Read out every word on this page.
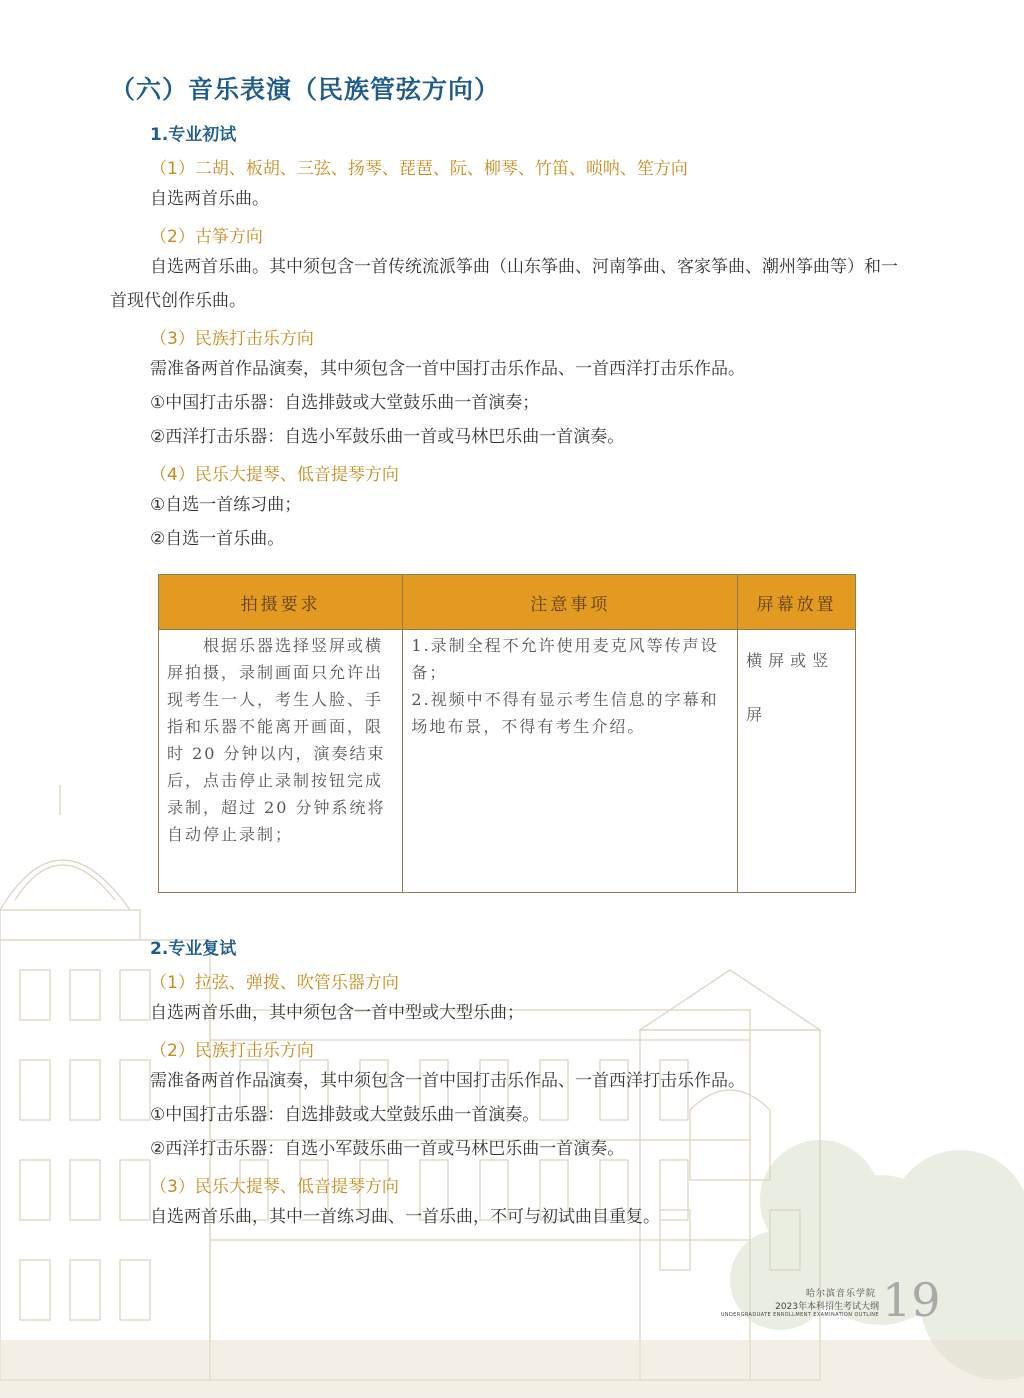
（六）音乐表演（民族管弦方向）
1.专业初试
（1）二胡、板胡、三弦、扬琴、琵琶、阮、柳琴、竹笛、唢呐、笙方向
自选两首乐曲。
（2）古筝方向
自选两首乐曲。其中须包含一首传统流派筝曲（山东筝曲、河南筝曲、客家筝曲、潮州筝曲等）和一首现代创作乐曲。
（3）民族打击乐方向
需准备两首作品演奏，其中须包含一首中国打击乐作品、一首西洋打击乐作品。
①中国打击乐器：自选排鼓或大堂鼓乐曲一首演奏；
②西洋打击乐器：自选小军鼓乐曲一首或马林巴乐曲一首演奏。
（4）民乐大提琴、低音提琴方向
①自选一首练习曲；
②自选一首乐曲。
拍摄要求	注意事项	屏幕放置

根据乐器选择竖屏或横屏拍摄，录制画面只允许出现考生一人，考生人脸、手指和乐器不能离开画面，限时 20 分钟以内，演奏结束后，点击停止录制按钮完成录制，超过 20 分钟系统将自动停止录制；	1.录制全程不允许使用麦克风等传声设备；
2.视频中不得有显示考生信息的字幕和场地布景，不得有考生介绍。	横屏或竖屏
2.专业复试
（1）拉弦、弹拨、吹管乐器方向
自选两首乐曲，其中须包含一首中型或大型乐曲；
（2）民族打击乐方向
需准备两首作品演奏，其中须包含一首中国打击乐作品、一首西洋打击乐作品。
①中国打击乐器：自选排鼓或大堂鼓乐曲一首演奏。
②西洋打击乐器：自选小军鼓乐曲一首或马林巴乐曲一首演奏。
（3）民乐大提琴、低音提琴方向
自选两首乐曲，其中一首练习曲、一首乐曲，不可与初试曲目重复。
哈尔滨音乐学院
2023年本科招生考试大纲
UNDERGRADUATE ENROLLMENT EXAMINATION OUTLINE 19
